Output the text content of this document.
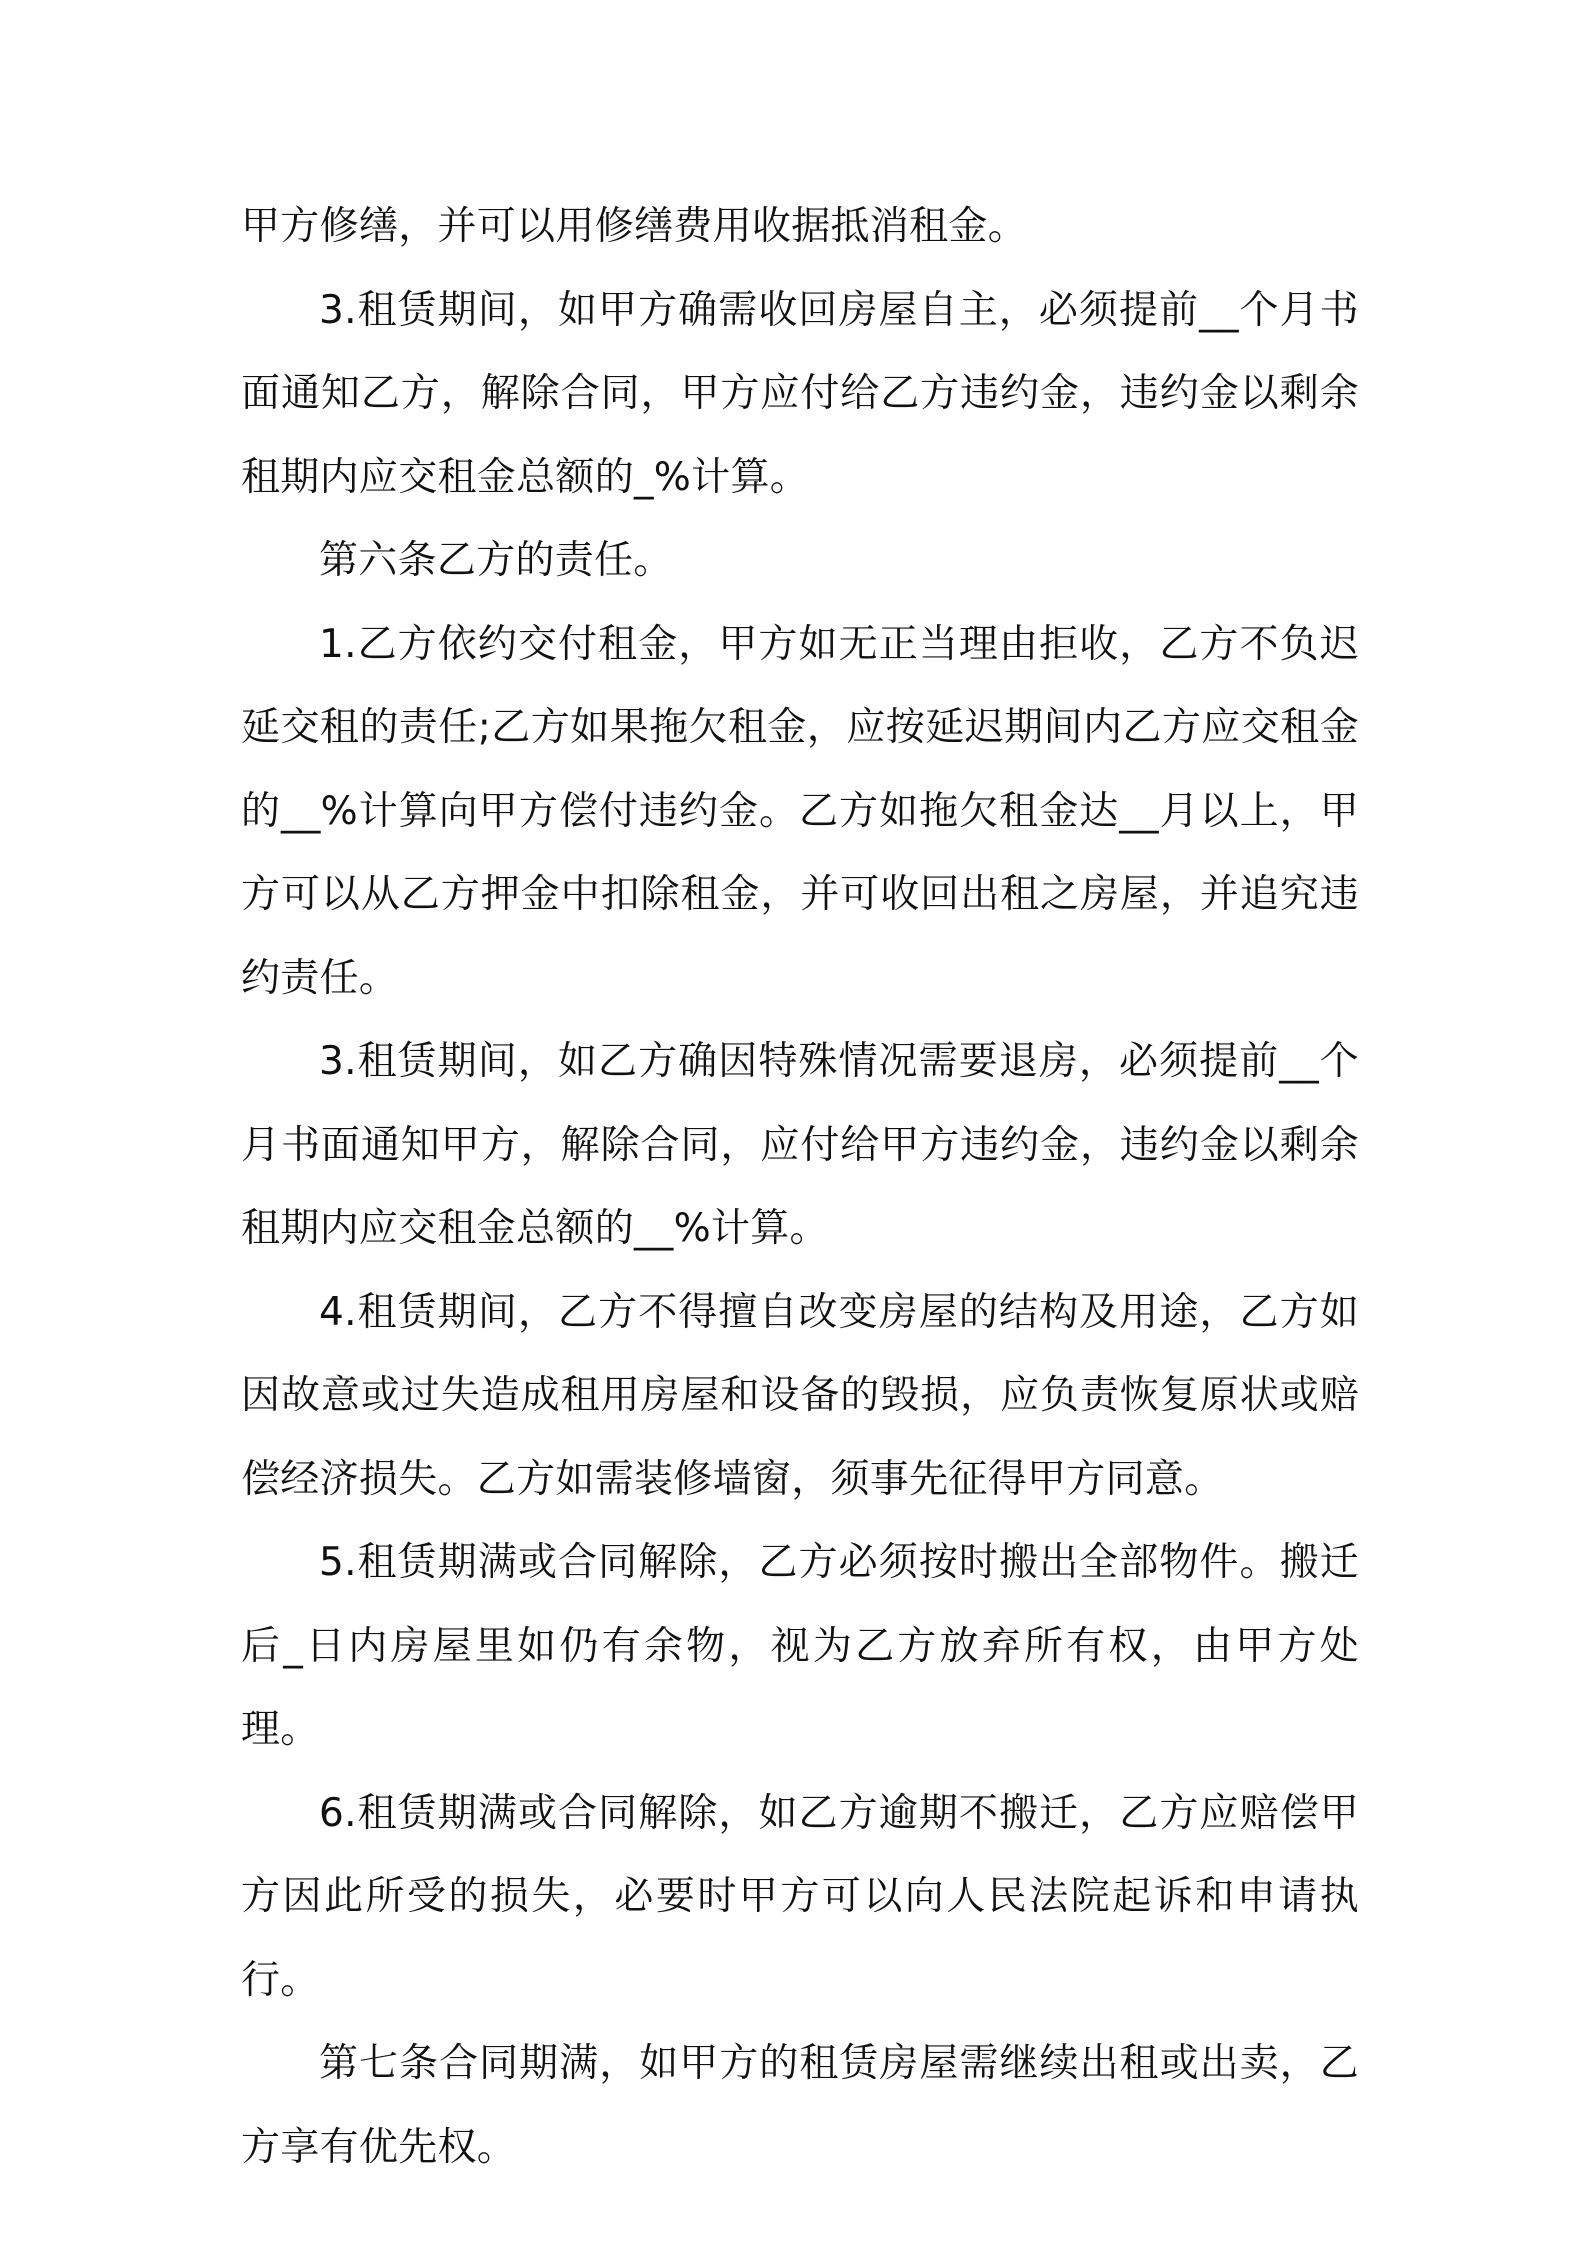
甲方修缮，并可以用修缮费用收据抵消租金。

3.租赁期间，如甲方确需收回房屋自主，必须提前__个月书面通知乙方，解除合同，甲方应付给乙方违约金，违约金以剩余租期内应交租金总额的_%计算。

第六条乙方的责任。

1.乙方依约交付租金，甲方如无正当理由拒收，乙方不负迟延交租的责任;乙方如果拖欠租金，应按延迟期间内乙方应交租金的__%计算向甲方偿付违约金。乙方如拖欠租金达__月以上，甲方可以从乙方押金中扣除租金，并可收回出租之房屋，并追究违约责任。

3.租赁期间，如乙方确因特殊情况需要退房，必须提前__个月书面通知甲方，解除合同，应付给甲方违约金，违约金以剩余租期内应交租金总额的__%计算。

4.租赁期间，乙方不得擅自改变房屋的结构及用途，乙方如因故意或过失造成租用房屋和设备的毁损，应负责恢复原状或赔偿经济损失。乙方如需装修墙窗，须事先征得甲方同意。

5.租赁期满或合同解除，乙方必须按时搬出全部物件。搬迁后_日内房屋里如仍有余物，视为乙方放弃所有权，由甲方处理。

6.租赁期满或合同解除，如乙方逾期不搬迁，乙方应赔偿甲方因此所受的损失，必要时甲方可以向人民法院起诉和申请执行。

第七条合同期满，如甲方的租赁房屋需继续出租或出卖，乙方享有优先权。
